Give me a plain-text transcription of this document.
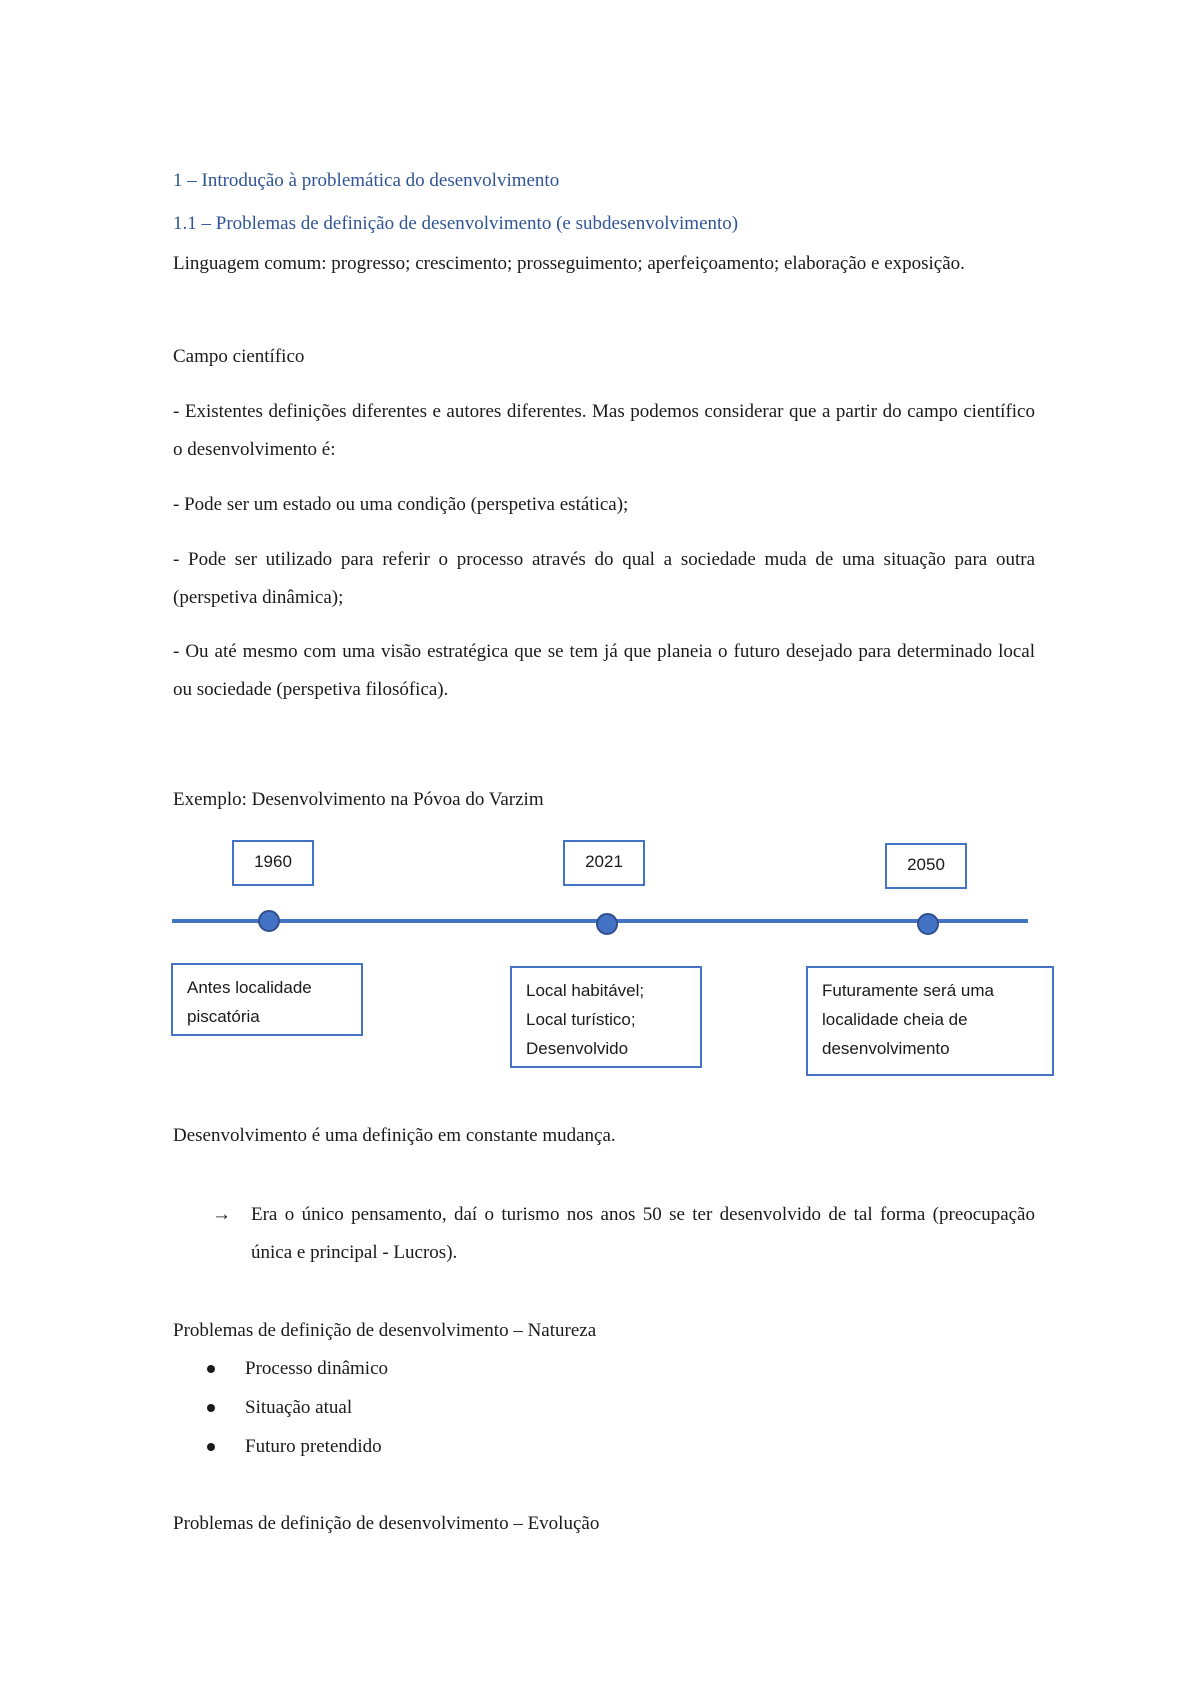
1 – Introdução à problemática do desenvolvimento
1.1 – Problemas de definição de desenvolvimento (e subdesenvolvimento)
Linguagem comum: progresso; crescimento; prosseguimento; aperfeiçoamento; elaboração e exposição.
Campo científico
- Existentes definições diferentes e autores diferentes. Mas podemos considerar que a partir do campo científico o desenvolvimento é:
- Pode ser um estado ou uma condição (perspetiva estática);
- Pode ser utilizado para referir o processo através do qual a sociedade muda de uma situação para outra (perspetiva dinâmica);
- Ou até mesmo com uma visão estratégica que se tem já que planeia o futuro desejado para determinado local ou sociedade (perspetiva filosófica).
Exemplo: Desenvolvimento na Póvoa do Varzim
1960	2021	2050
Antes localidade
piscatória
Local habitável;
Local turístico;
Desenvolvido
Futuramente será uma
localidade cheia de
desenvolvimento
Desenvolvimento é uma definição em constante mudança.
→ Era o único pensamento, daí o turismo nos anos 50 se ter desenvolvido de tal forma (preocupação única e principal - Lucros).
Problemas de definição de desenvolvimento – Natureza
Processo dinâmico
Situação atual
Futuro pretendido
Problemas de definição de desenvolvimento – Evolução
